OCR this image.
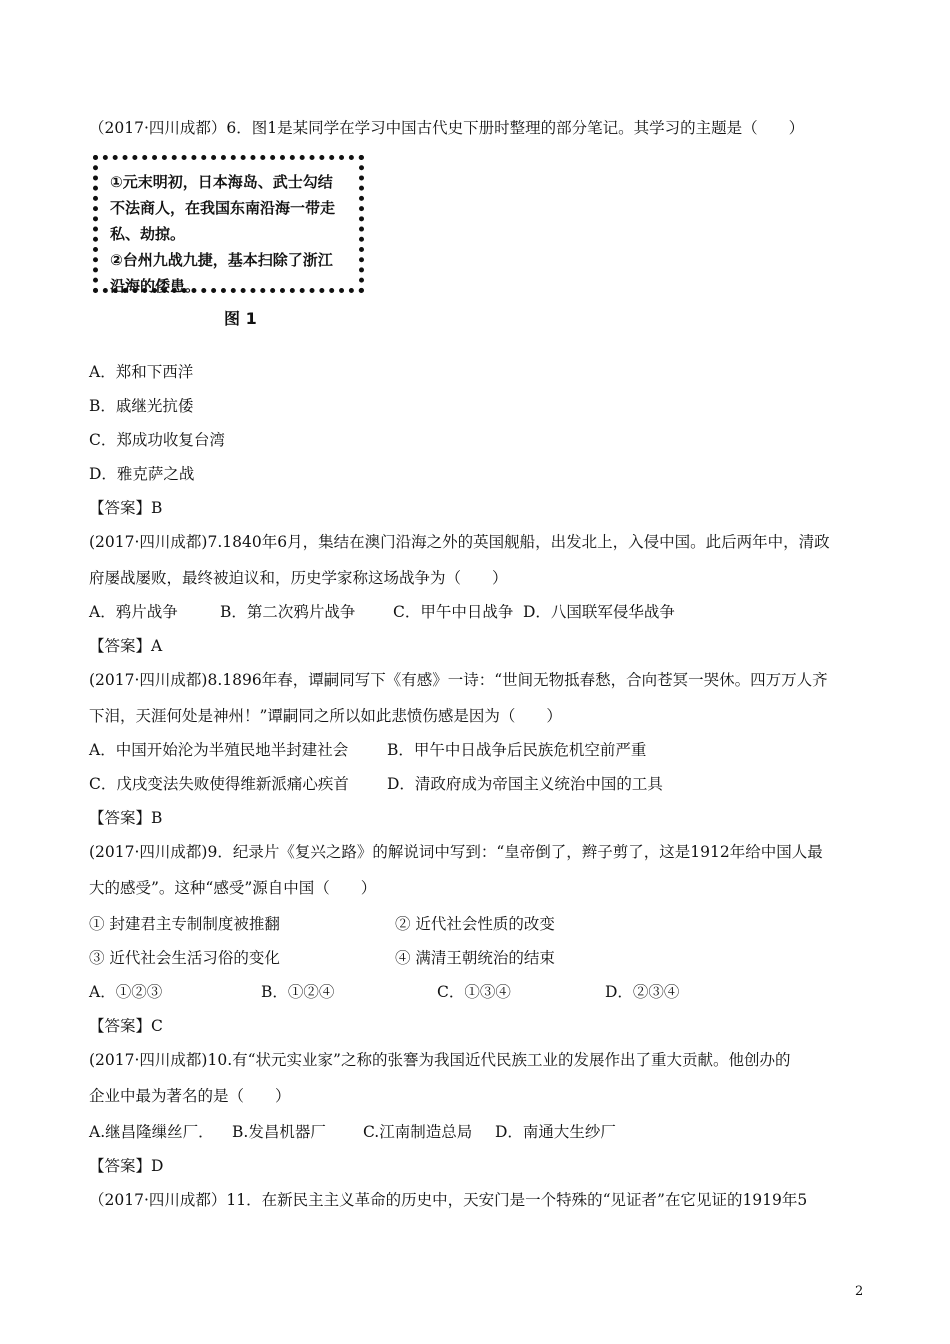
（2017·四川成都）6．图1是某同学在学习中国古代史下册时整理的部分笔记。其学习的主题是（　　）

①元末明初，日本海岛、武士勾结

不法商人，在我国东南沿海一带走

私、劫掠。

②台州九战九捷，基本扫除了浙江

沿海的倭患。

图 1

A．郑和下西洋

B．戚继光抗倭

C．郑成功收复台湾

D．雅克萨之战

【答案】B

(2017·四川成都)7.1840年6月，集结在澳门沿海之外的英国舰船，出发北上，入侵中国。此后两年中，清政

府屡战屡败，最终被迫议和，历史学家称这场战争为（　　）

A．鸦片战争	B．第二次鸦片战争 C．甲午中日战争 D．八国联军侵华战争

【答案】A

(2017·四川成都)8.1896年春，谭嗣同写下《有感》一诗：“世间无物抵春愁，合向苍冥一哭休。四万万人齐

下泪，天涯何处是神州！”谭嗣同之所以如此悲愤伤感是因为（　　）

A．中国开始沦为半殖民地半封建社会	B．甲午中日战争后民族危机空前严重
C．戊戌变法失败使得维新派痛心疾首 D．清政府成为帝国主义统治中国的工具

【答案】B

(2017·四川成都)9．纪录片《复兴之路》的解说词中写到：“皇帝倒了，辫子剪了，这是1912年给中国人最

大的感受”。这种“感受”源自中国（　　）

① 封建君主专制制度被推翻	② 近代社会性质的改变
③ 近代社会生活习俗的变化	④ 满清王朝统治的结束
A．①②③	B．①②④	C．①③④	D．②③④

【答案】C

(2017·四川成都)10.有“状元实业家”之称的张謇为我国近代民族工业的发展作出了重大贡献。他创办的

企业中最为著名的是（　　）

A.继昌隆缫丝厂． B.发昌机器厂 C.江南制造总局 D．南通大生纱厂

【答案】D

（2017·四川成都）11．在新民主主义革命的历史中，天安门是一个特殊的“见证者”在它见证的1919年5

2
